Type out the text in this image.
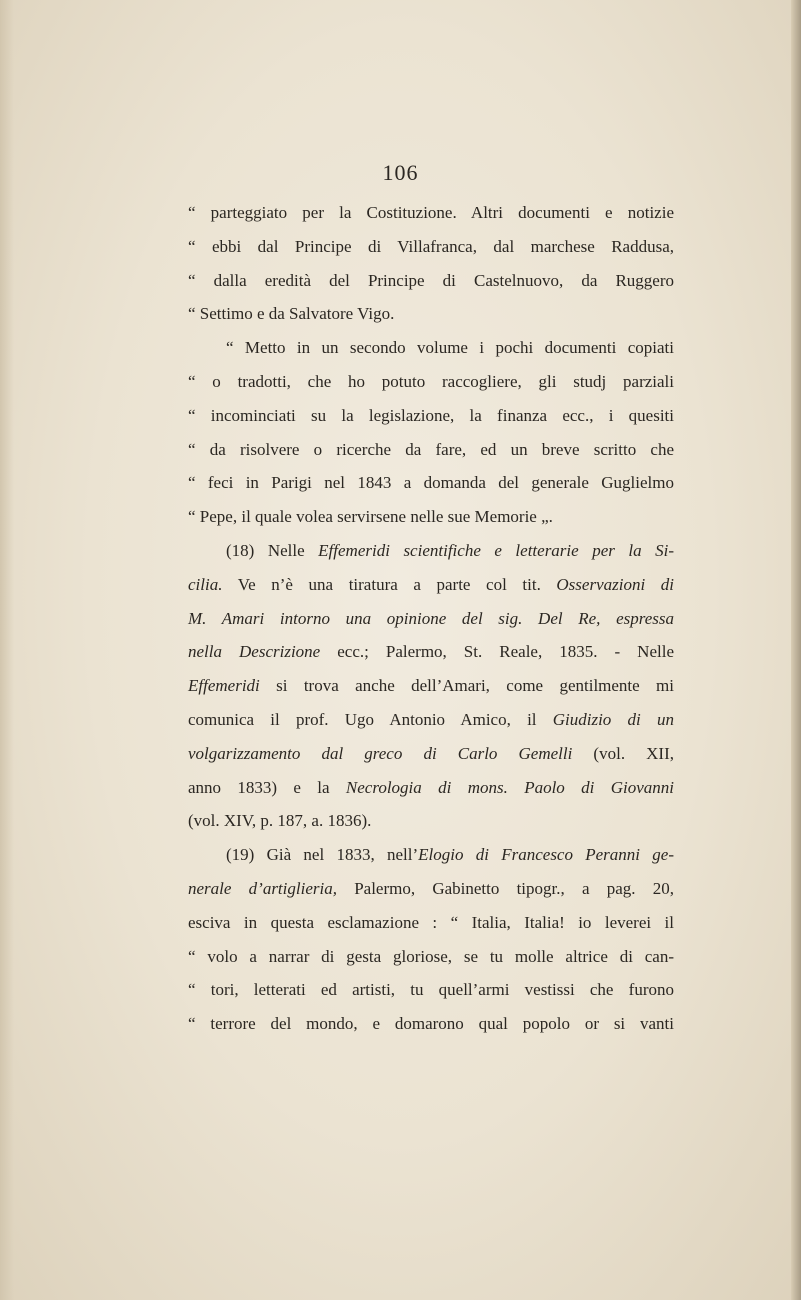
106
“ parteggiato per la Costituzione. Altri documenti e notizie
“ ebbi dal Principe di Villafranca, dal marchese Raddusa,
“ dalla eredità del Principe di Castelnuovo, da Ruggero
“ Settimo e da Salvatore Vigo.
“ Metto in un secondo volume i pochi documenti copiati
“ o tradotti, che ho potuto raccogliere, gli studj parziali
“ incominciati su la legislazione, la finanza ecc., i quesiti
“ da risolvere o ricerche da fare, ed un breve scritto che
“ feci in Parigi nel 1843 a domanda del generale Guglielmo
“ Pepe, il quale volea servirsene nelle sue Memorie „.
(18) Nelle Effemeridi scientifiche e letterarie per la Si-
cilia. Ve n’è una tiratura a parte col tit. Osservazioni di
M. Amari intorno una opinione del sig. Del Re, espressa
nella Descrizione ecc.; Palermo, St. Reale, 1835. - Nelle
Effemeridi si trova anche dell’Amari, come gentilmente mi
comunica il prof. Ugo Antonio Amico, il Giudizio di un
volgarizzamento dal greco di Carlo Gemelli (vol. XII,
anno 1833) e la Necrologia di mons. Paolo di Giovanni
(vol. XIV, p. 187, a. 1836).
(19) Già nel 1833, nell’Elogio di Francesco Peranni ge-
nerale d’artiglieria, Palermo, Gabinetto tipogr., a pag. 20,
esciva in questa esclamazione : “ Italia, Italia! io leverei il
“ volo a narrar di gesta gloriose, se tu molle altrice di can-
“ tori, letterati ed artisti, tu quell’armi vestissi che furono
“ terrore del mondo, e domarono qual popolo or si vanti
